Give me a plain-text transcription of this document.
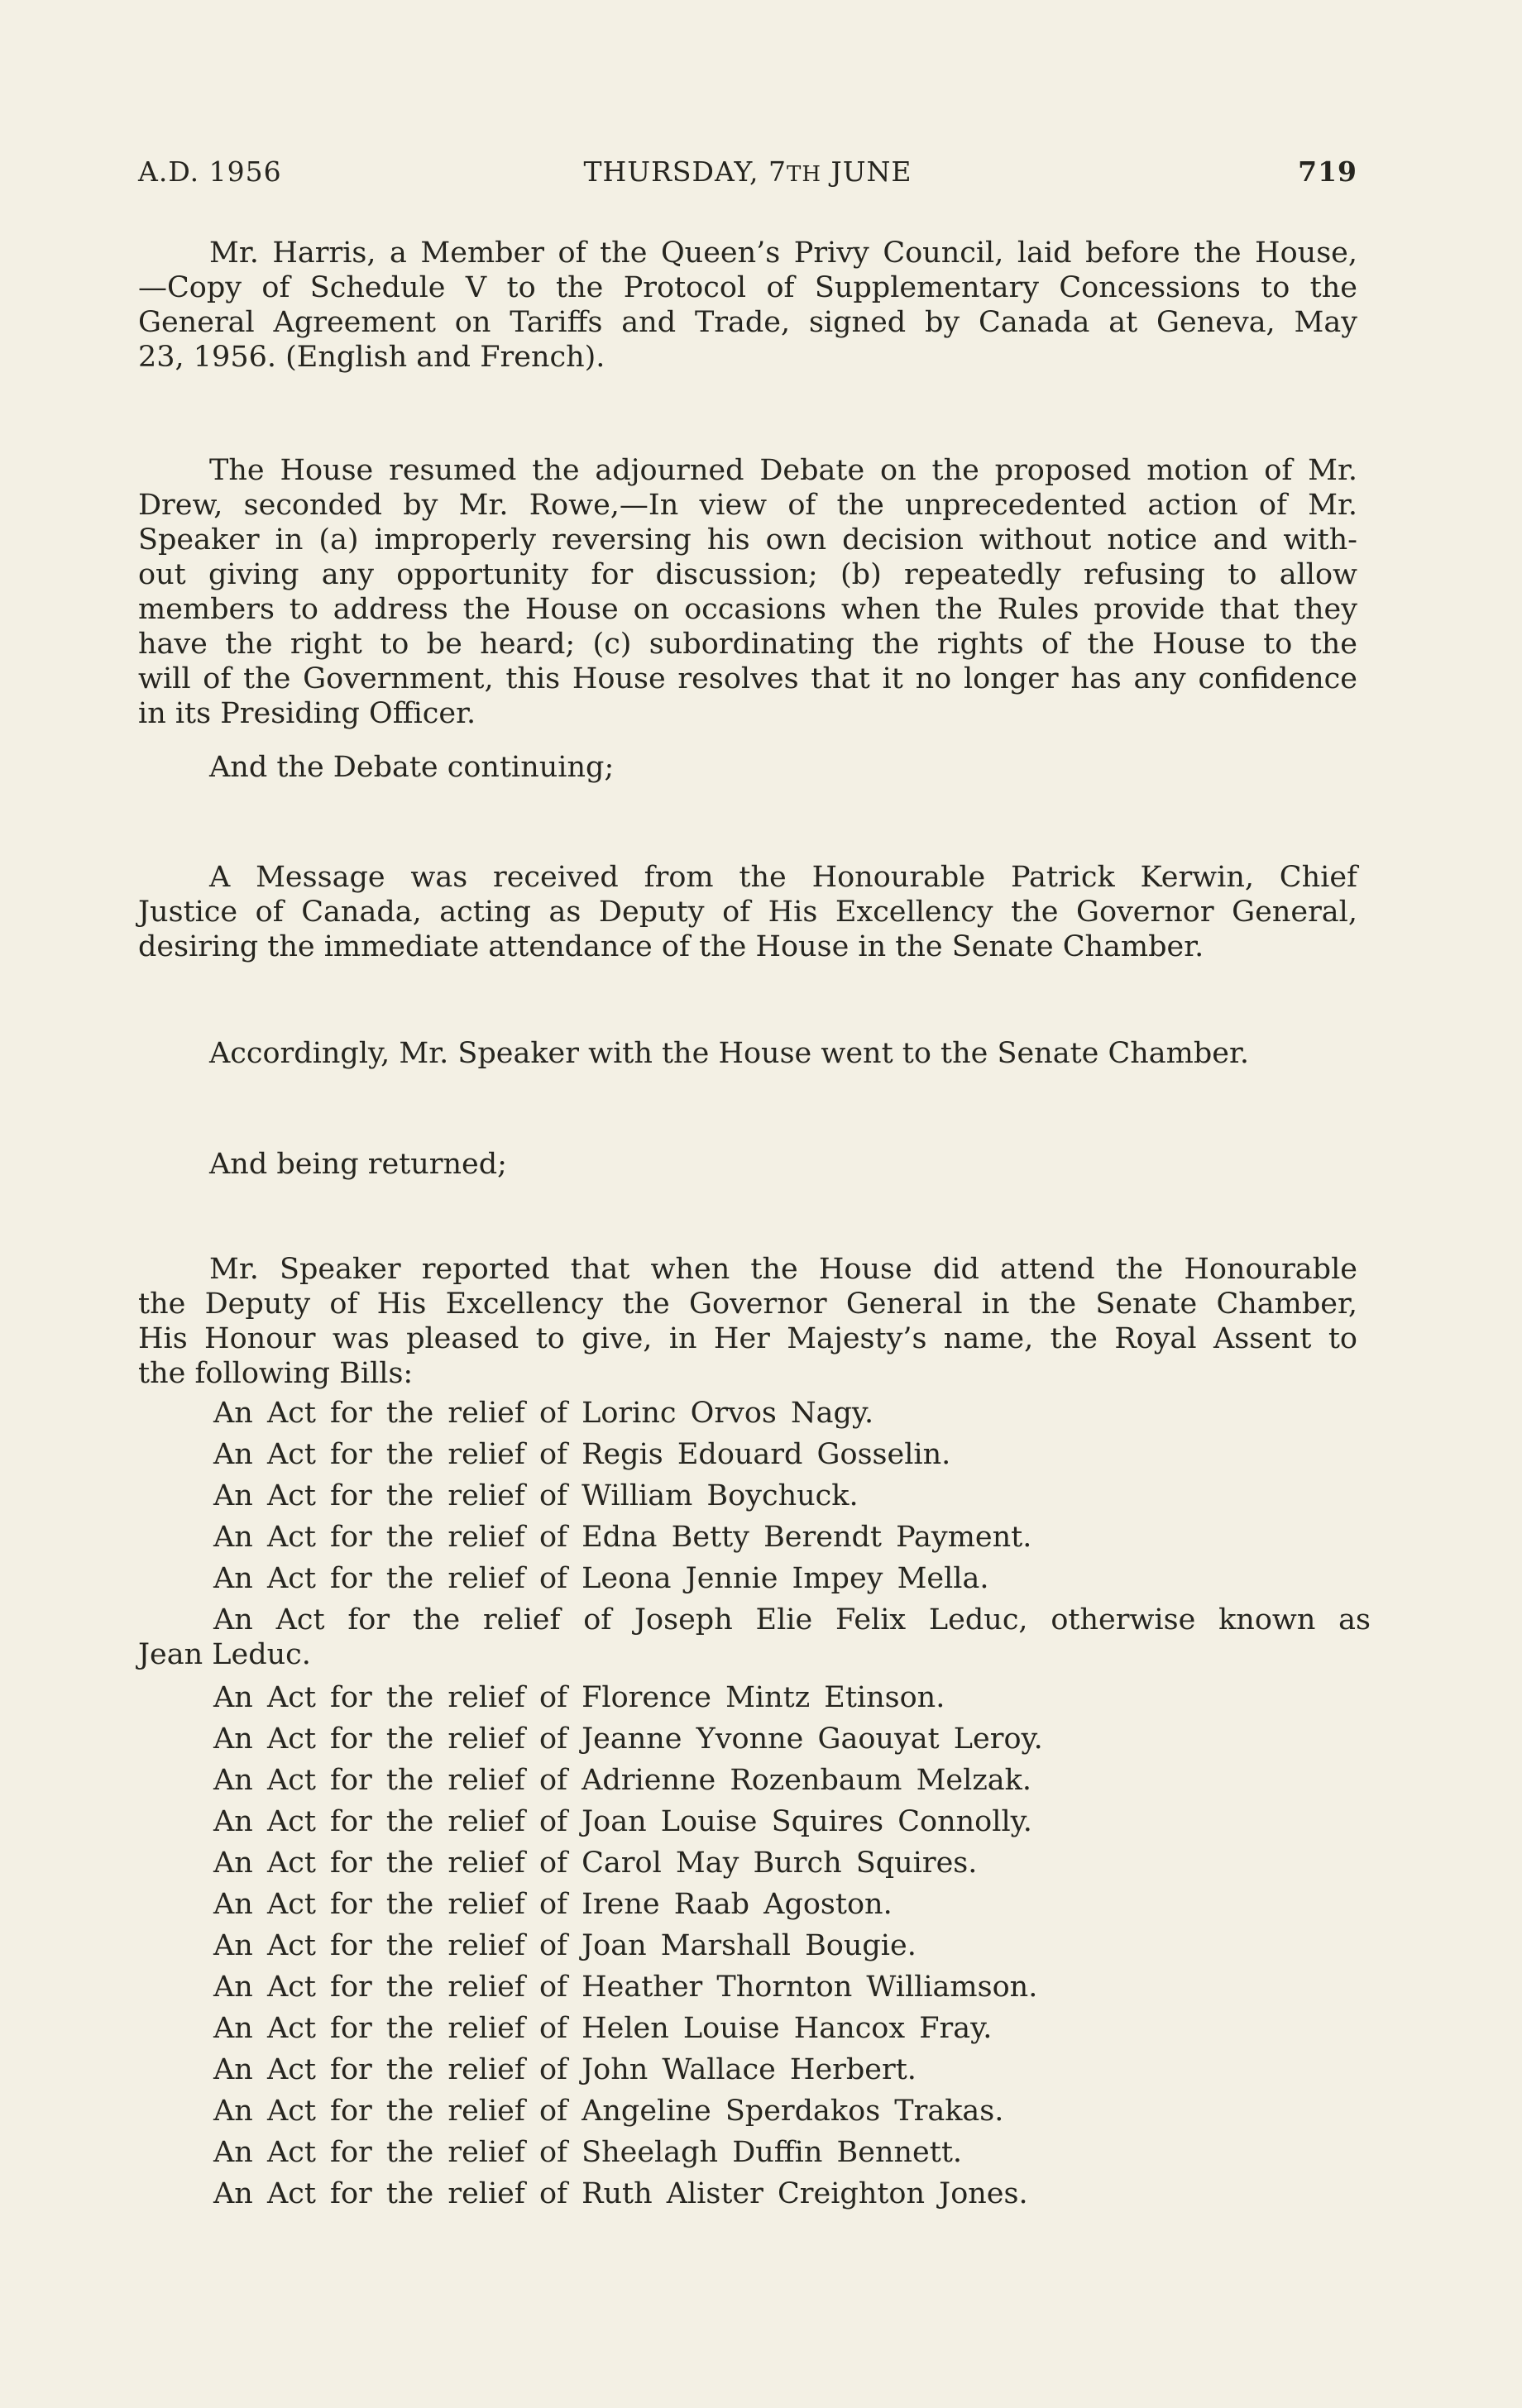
A.D. 1956	THURSDAY, 7TH JUNE	719
Mr. Harris, a Member of the Queen’s Privy Council, laid before the House,
—Copy of Schedule V to the Protocol of Supplementary Concessions to the
General Agreement on Tariffs and Trade, signed by Canada at Geneva, May
23, 1956. (English and French).
The House resumed the adjourned Debate on the proposed motion of Mr.
Drew, seconded by Mr. Rowe,—In view of the unprecedented action of Mr.
Speaker in (a) improperly reversing his own decision without notice and with-
out giving any opportunity for discussion; (b) repeatedly refusing to allow
members to address the House on occasions when the Rules provide that they
have the right to be heard; (c) subordinating the rights of the House to the
will of the Government, this House resolves that it no longer has any confidence
in its Presiding Officer.
And the Debate continuing;
A Message was received from the Honourable Patrick Kerwin, Chief
Justice of Canada, acting as Deputy of His Excellency the Governor General,
desiring the immediate attendance of the House in the Senate Chamber.
Accordingly, Mr. Speaker with the House went to the Senate Chamber.
And being returned;
Mr. Speaker reported that when the House did attend the Honourable
the Deputy of His Excellency the Governor General in the Senate Chamber,
His Honour was pleased to give, in Her Majesty’s name, the Royal Assent to
the following Bills:
An Act for the relief of Lorinc Orvos Nagy.
An Act for the relief of Regis Edouard Gosselin.
An Act for the relief of William Boychuck.
An Act for the relief of Edna Betty Berendt Payment.
An Act for the relief of Leona Jennie Impey Mella.
An Act for the relief of Joseph Elie Felix Leduc, otherwise known as
Jean Leduc.
An Act for the relief of Florence Mintz Etinson.
An Act for the relief of Jeanne Yvonne Gaouyat Leroy.
An Act for the relief of Adrienne Rozenbaum Melzak.
An Act for the relief of Joan Louise Squires Connolly.
An Act for the relief of Carol May Burch Squires.
An Act for the relief of Irene Raab Agoston.
An Act for the relief of Joan Marshall Bougie.
An Act for the relief of Heather Thornton Williamson.
An Act for the relief of Helen Louise Hancox Fray.
An Act for the relief of John Wallace Herbert.
An Act for the relief of Angeline Sperdakos Trakas.
An Act for the relief of Sheelagh Duffin Bennett.
An Act for the relief of Ruth Alister Creighton Jones.
